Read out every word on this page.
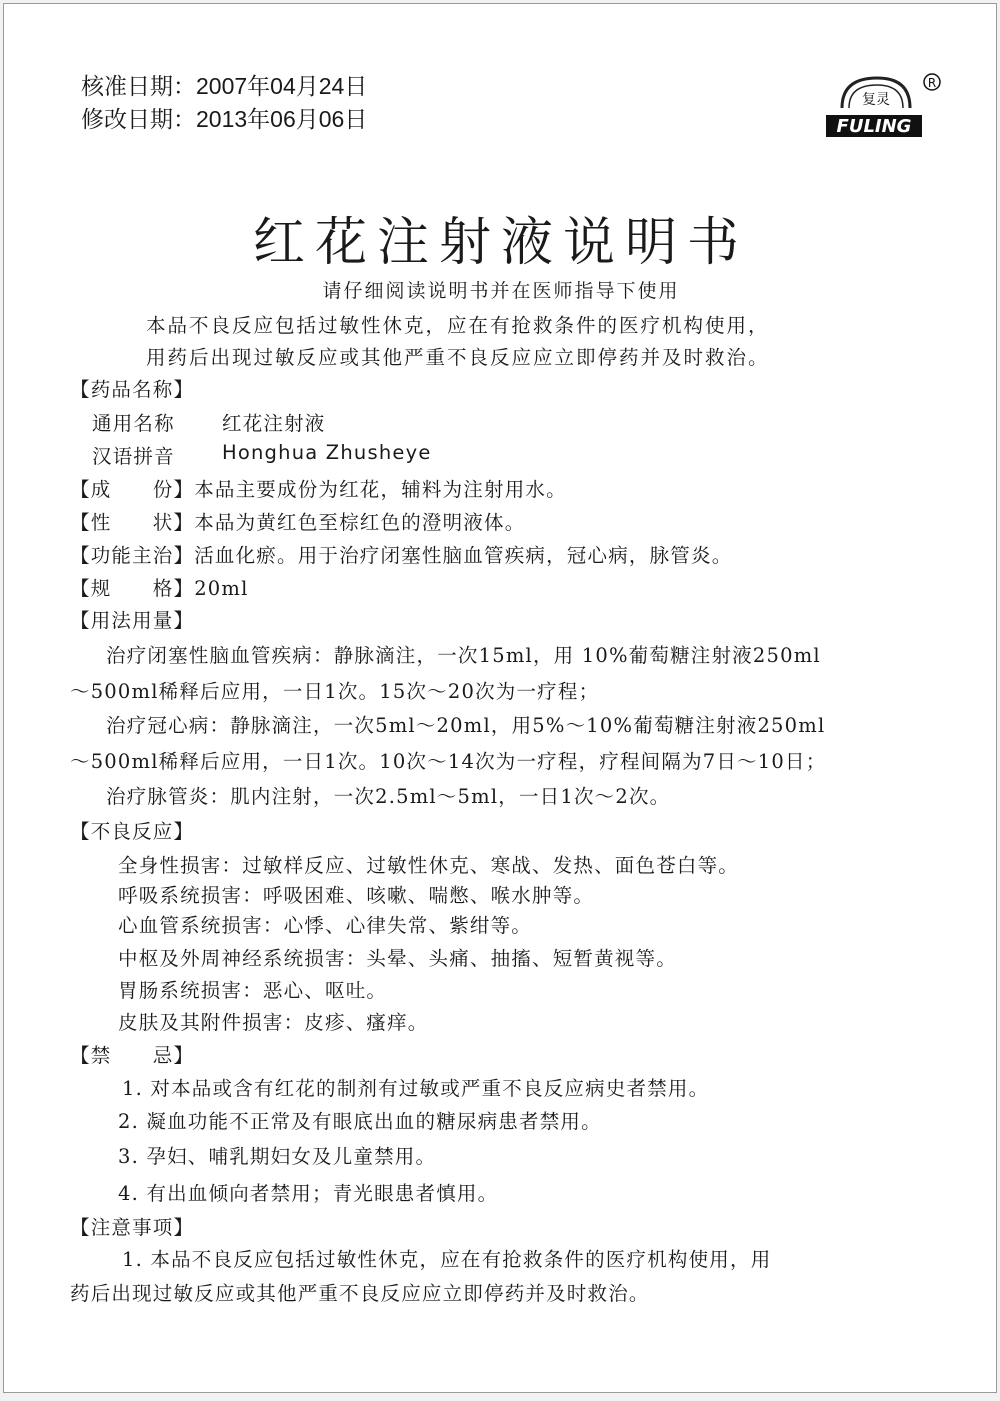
核准日期：2007年04月24日
修改日期：2013年06月06日
复灵
FULING
R
红花注射液说明书
请仔细阅读说明书并在医师指导下使用
本品不良反应包括过敏性休克，应在有抢救条件的医疗机构使用，
用药后出现过敏反应或其他严重不良反应应立即停药并及时救治。
【药品名称】
通用名称 红花注射液
汉语拼音 Honghua Zhusheye
【成　　份】本品主要成份为红花，辅料为注射用水。
【性　　状】本品为黄红色至棕红色的澄明液体。
【功能主治】活血化瘀。用于治疗闭塞性脑血管疾病，冠心病，脉管炎。
【规　　格】20ml
【用法用量】
治疗闭塞性脑血管疾病：静脉滴注，一次15ml，用 10%葡萄糖注射液250ml
～500ml稀释后应用，一日1次。15次～20次为一疗程；
治疗冠心病：静脉滴注，一次5ml～20ml，用5%～10%葡萄糖注射液250ml
～500ml稀释后应用，一日1次。10次～14次为一疗程，疗程间隔为7日～10日；
治疗脉管炎：肌内注射，一次2.5ml～5ml，一日1次～2次。
【不良反应】
全身性损害：过敏样反应、过敏性休克、寒战、发热、面色苍白等。
呼吸系统损害：呼吸困难、咳嗽、喘憋、喉水肿等。
心血管系统损害：心悸、心律失常、紫绀等。
中枢及外周神经系统损害：头晕、头痛、抽搐、短暂黄视等。
胃肠系统损害：恶心、呕吐。
皮肤及其附件损害：皮疹、瘙痒。
【禁　　忌】
1. 对本品或含有红花的制剂有过敏或严重不良反应病史者禁用。
2. 凝血功能不正常及有眼底出血的糖尿病患者禁用。
3. 孕妇、哺乳期妇女及儿童禁用。
4. 有出血倾向者禁用；青光眼患者慎用。
【注意事项】
1. 本品不良反应包括过敏性休克，应在有抢救条件的医疗机构使用，用
药后出现过敏反应或其他严重不良反应应立即停药并及时救治。
